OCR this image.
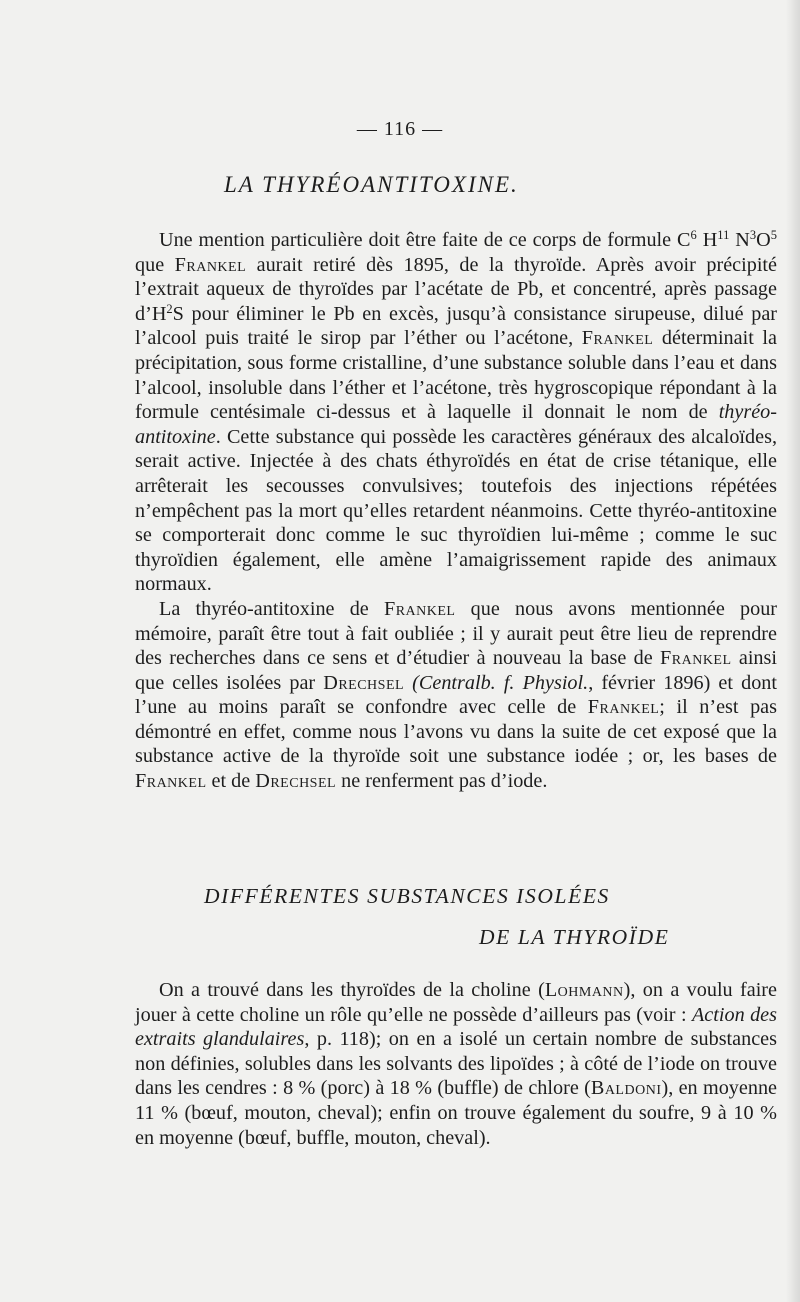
— 116 —
LA THYRÉOANTITOXINE.

Une mention particulière doit être faite de ce corps de formule $C^6$ $H^{11}$ $N^3O^5$ que Frankel aurait retiré dès 1895, de la thyroïde. Après avoir précipité l’extrait aqueux de thyroïdes par l’acétate de Pb, et concentré, après passage $d’H^2S$ pour éliminer le Pb en excès, jusqu’à consistance sirupeuse, dilué par l’alcool puis traité le sirop par l’éther ou l’acétone, Frankel déterminait la précipitation, sous forme cristalline, d’une substance soluble dans l’eau et dans l’alcool, insoluble dans l’éther et l’acétone, très hygroscopique répondant à la formule centésimale ci-dessus et à laquelle il donnait le nom de thyréo-antitoxine. Cette substance qui possède les caractères généraux des alcaloïdes, serait active. Injectée à des chats éthyroïdés en état de crise tétanique, elle arrêterait les secousses convulsives; toutefois des injections répétées n’empêchent pas la mort qu’elles retardent néanmoins. Cette thyréo-antitoxine se comporterait donc comme le suc thyroïdien lui-même ; comme le suc thyroïdien également, elle amène l’amaigrissement rapide des animaux normaux.

La thyréo-antitoxine de Frankel que nous avons mentionnée pour mémoire, paraît être tout à fait oubliée ; il y aurait peut être lieu de reprendre des recherches dans ce sens et d’étudier à nouveau la base de Frankel ainsi que celles isolées par Drechsel (Centralb. f. Physiol., février 1896) et dont l’une au moins paraît se confondre avec celle de Frankel; il n’est pas démontré en effet, comme nous l’avons vu dans la suite de cet exposé que la substance active de la thyroïde soit une substance iodée ; or, les bases de Frankel et de Drechsel ne renferment pas d’iode.

DIFFÉRENTES SUBSTANCES ISOLÉES
DE LA THYROÏDE

On a trouvé dans les thyroïdes de la choline (Lohmann), on a voulu faire jouer à cette choline un rôle qu’elle ne possède d’ailleurs pas (voir : Action des extraits glandulaires, p. 118); on en a isolé un certain nombre de substances non définies, solubles dans les solvants des lipoïdes ; à côté de l’iode on trouve dans les cendres : 8 % (porc) à 18 % (buffle) de chlore (Baldoni), en moyenne 11 % (bœuf, mouton, cheval); enfin on trouve également du soufre, 9 à 10 % en moyenne (bœuf, buffle, mouton, cheval).
